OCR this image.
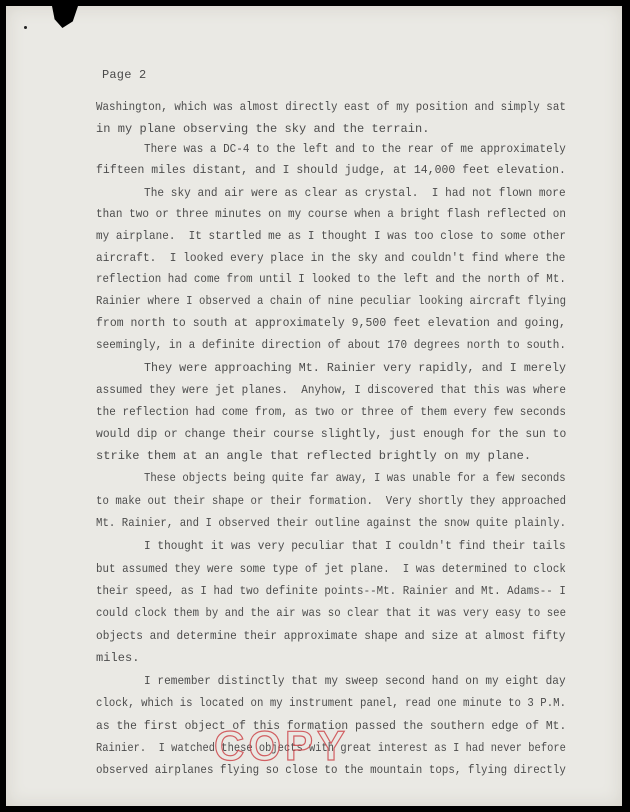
Page 2
Washington, which was almost directly east of my position and simply sat
in my plane observing the sky and the terrain.
There was a DC-4 to the left and to the rear of me approximately
fifteen miles distant, and I should judge, at 14,000 feet elevation.
The sky and air were as clear as crystal.  I had not flown more
than two or three minutes on my course when a bright flash reflected on
my airplane.  It startled me as I thought I was too close to some other
aircraft.  I looked every place in the sky and couldn't find where the
reflection had come from until I looked to the left and the north of Mt.
Rainier where I observed a chain of nine peculiar looking aircraft flying
from north to south at approximately 9,500 feet elevation and going,
seemingly, in a definite direction of about 170 degrees north to south.
They were approaching Mt. Rainier very rapidly, and I merely
assumed they were jet planes.  Anyhow, I discovered that this was where
the reflection had come from, as two or three of them every few seconds
would dip or change their course slightly, just enough for the sun to
strike them at an angle that reflected brightly on my plane.
These objects being quite far away, I was unable for a few seconds
to make out their shape or their formation.  Very shortly they approached
Mt. Rainier, and I observed their outline against the snow quite plainly.
I thought it was very peculiar that I couldn't find their tails
but assumed they were some type of jet plane.  I was determined to clock
their speed, as I had two definite points--Mt. Rainier and Mt. Adams-- I
could clock them by and the air was so clear that it was very easy to see
objects and determine their approximate shape and size at almost fifty
miles.
I remember distinctly that my sweep second hand on my eight day
clock, which is located on my instrument panel, read one minute to 3 P.M.
as the first object of this formation passed the southern edge of Mt.
Rainier.  I watched these objects with great interest as I had never before
observed airplanes flying so close to the mountain tops, flying directly
COPY
